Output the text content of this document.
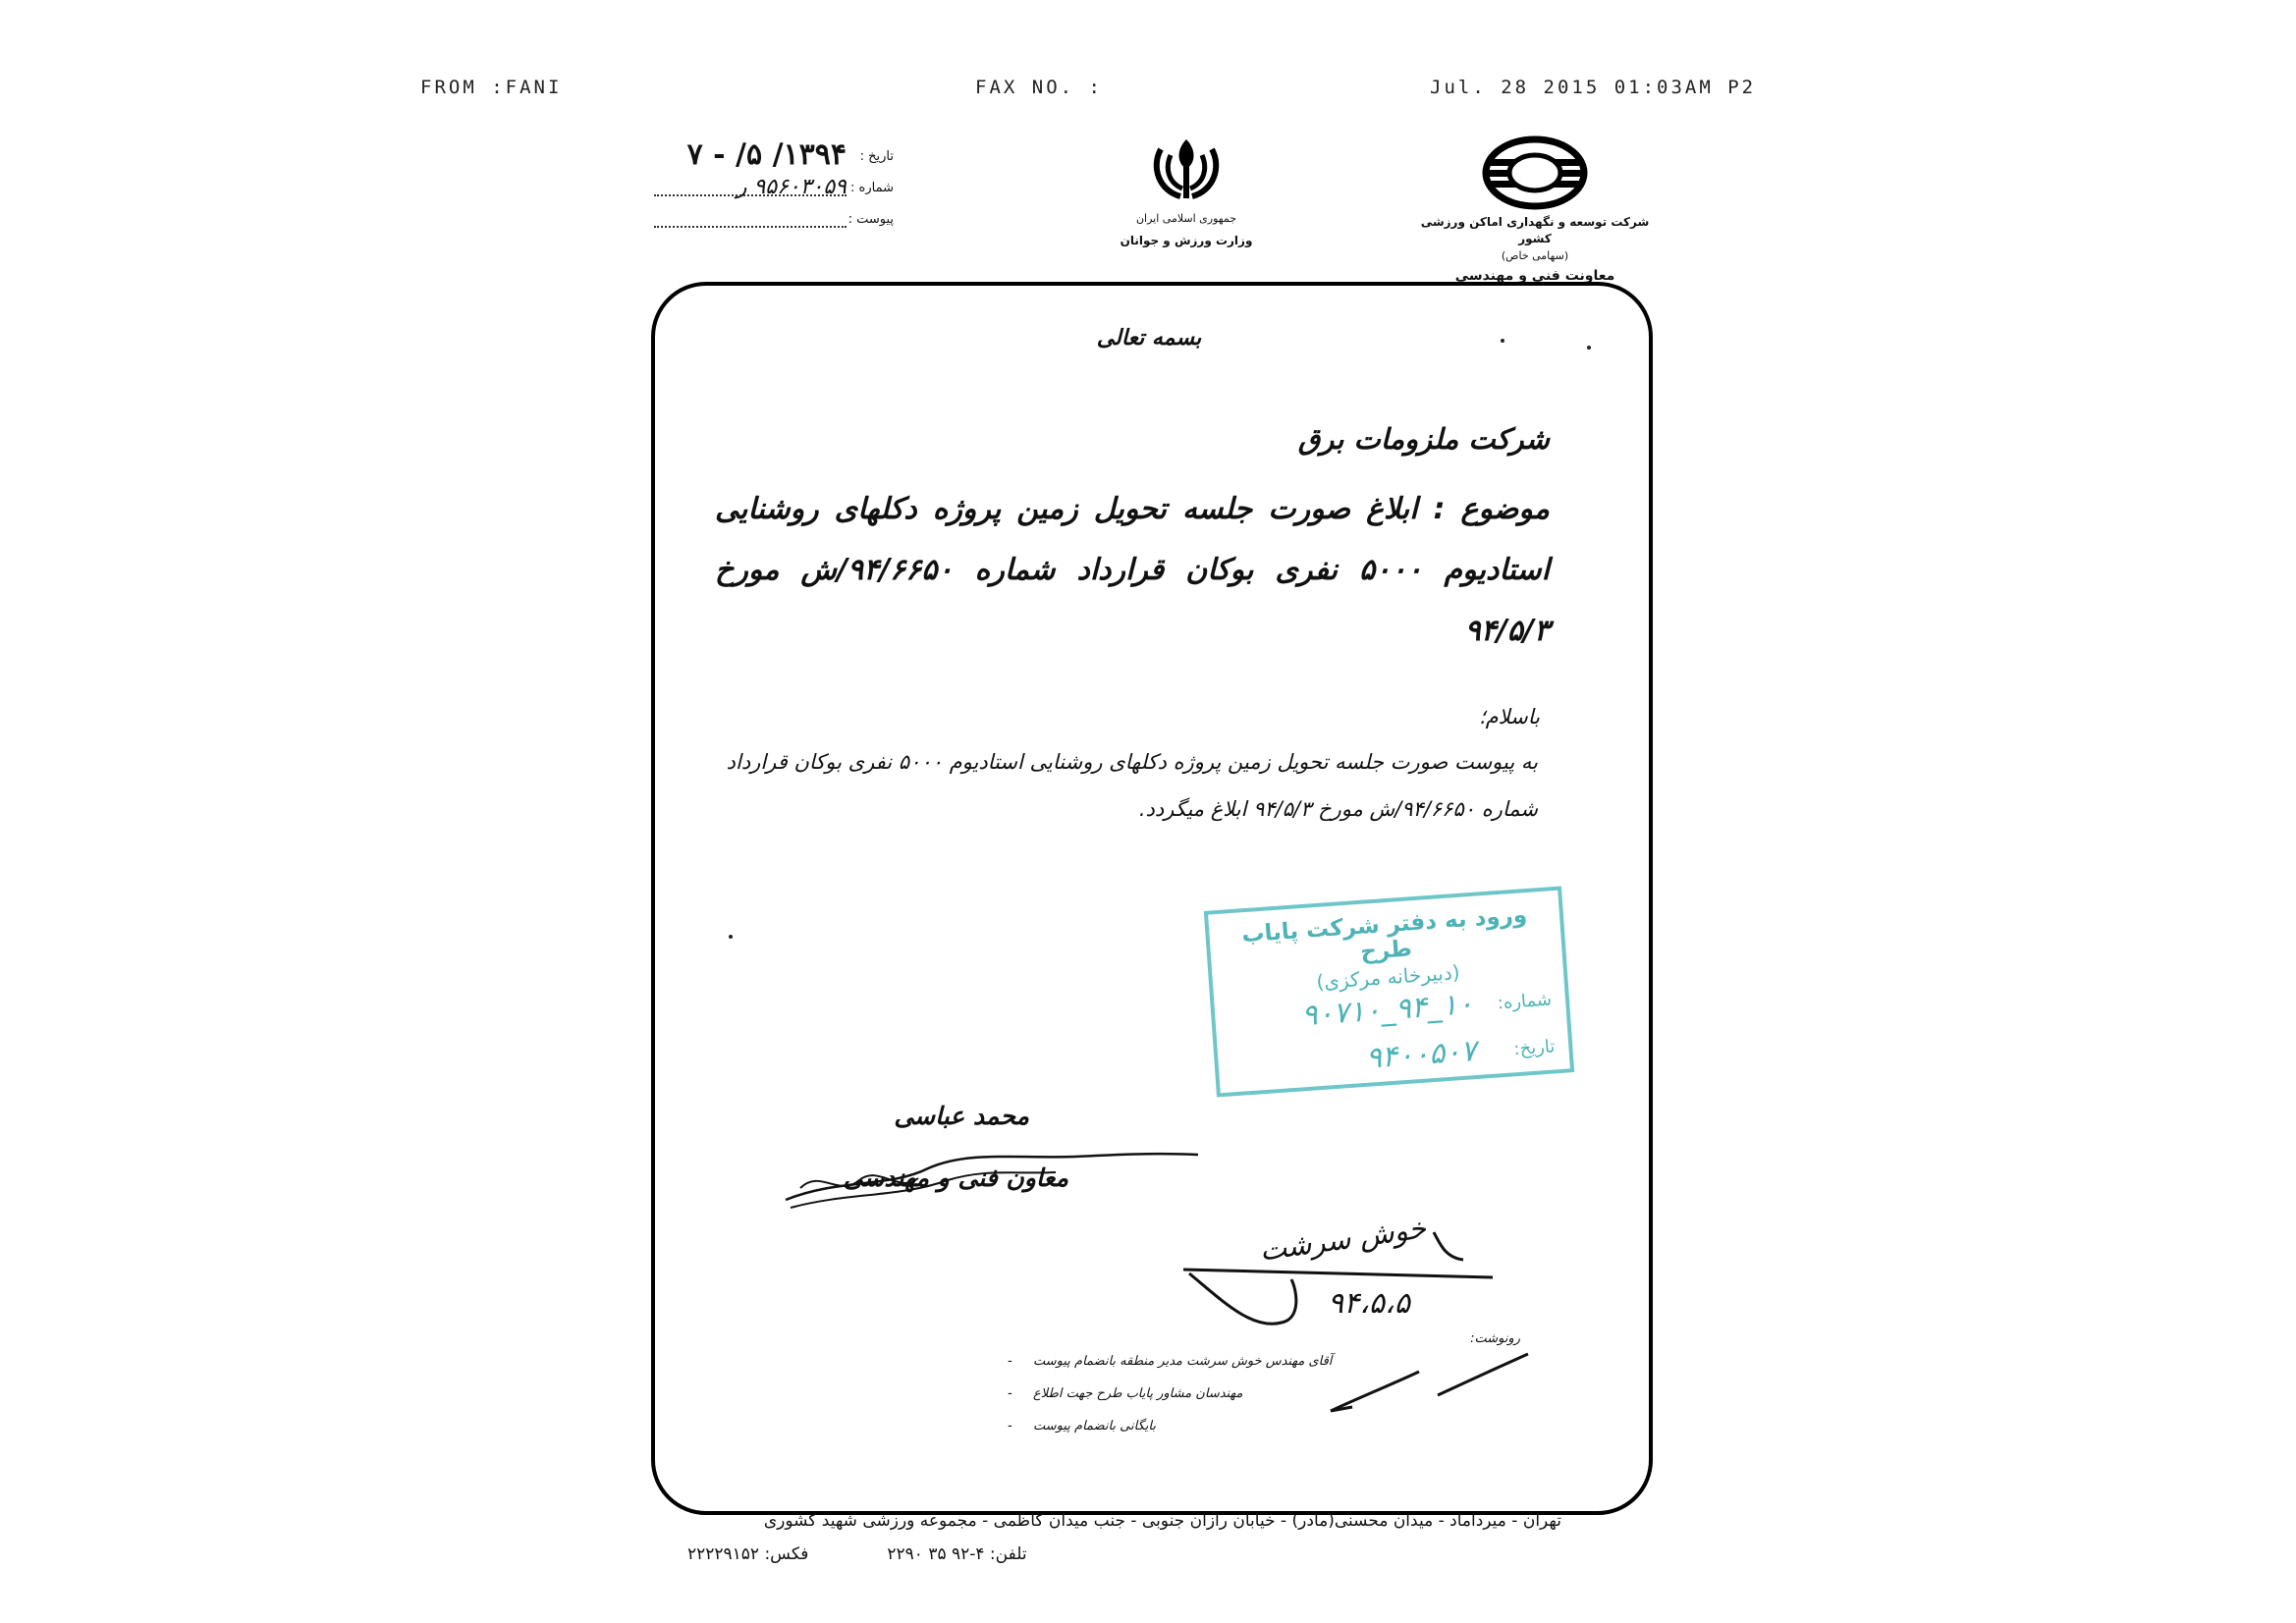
FROM :FANI	FAX NO. :	Jul. 28 2015 01:03AM P2
شرکت توسعه و نگهداری اماکن ورزشی کشور
(سهامی خاص)
معاونت فنی و مهندسی
جمهوری اسلامی ایران
وزارت ورزش و جوانان
تاریخ :
۱۳۹۴/ ۵/ - ۷
شماره :
۹۵۶۰۳۰۵۹ ر
پیوست :
بسمه تعالی
شرکت ملزومات برق
موضوع : ابلاغ صورت جلسه تحویل زمین پروژه دکلهای روشنایی استادیوم ۵۰۰۰ نفری بوکان قرارداد شماره ۹۴/۶۶۵۰/ش مورخ ۹۴/۵/۳
باسلام؛
به پیوست صورت جلسه تحویل زمین پروژه دکلهای روشنایی استادیوم ۵۰۰۰ نفری بوکان قرارداد شماره ۹۴/۶۶۵۰/ش مورخ ۹۴/۵/۳ ابلاغ میگردد.
ورود به دفتر شرکت پایاب طرح
(دبیرخانه مرکزی)
شماره:
۱۰_۹۴_۹۰۷۱۰
تاریخ:
۹۴۰۰۵۰۷
محمد عباسی
معاون فنی و مهندسی
خوش سرشت
۹۴،۵،۵
رونوشت:
آقای مهندس خوش سرشت مدیر منطقه بانضمام پیوست
-
مهندسان مشاور پایاب طرح جهت اطلاع
-
بایگانی بانضمام پیوست
-
تهران - میرداماد - میدان محسنی(مادر) - خیابان رازان جنوبی - جنب میدان کاظمی - مجموعه ورزشی شهید کشوری
تلفن: ۴-۹۲ ۳۵ ۲۲۹۰
فکس: ۲۲۲۲۹۱۵۲
